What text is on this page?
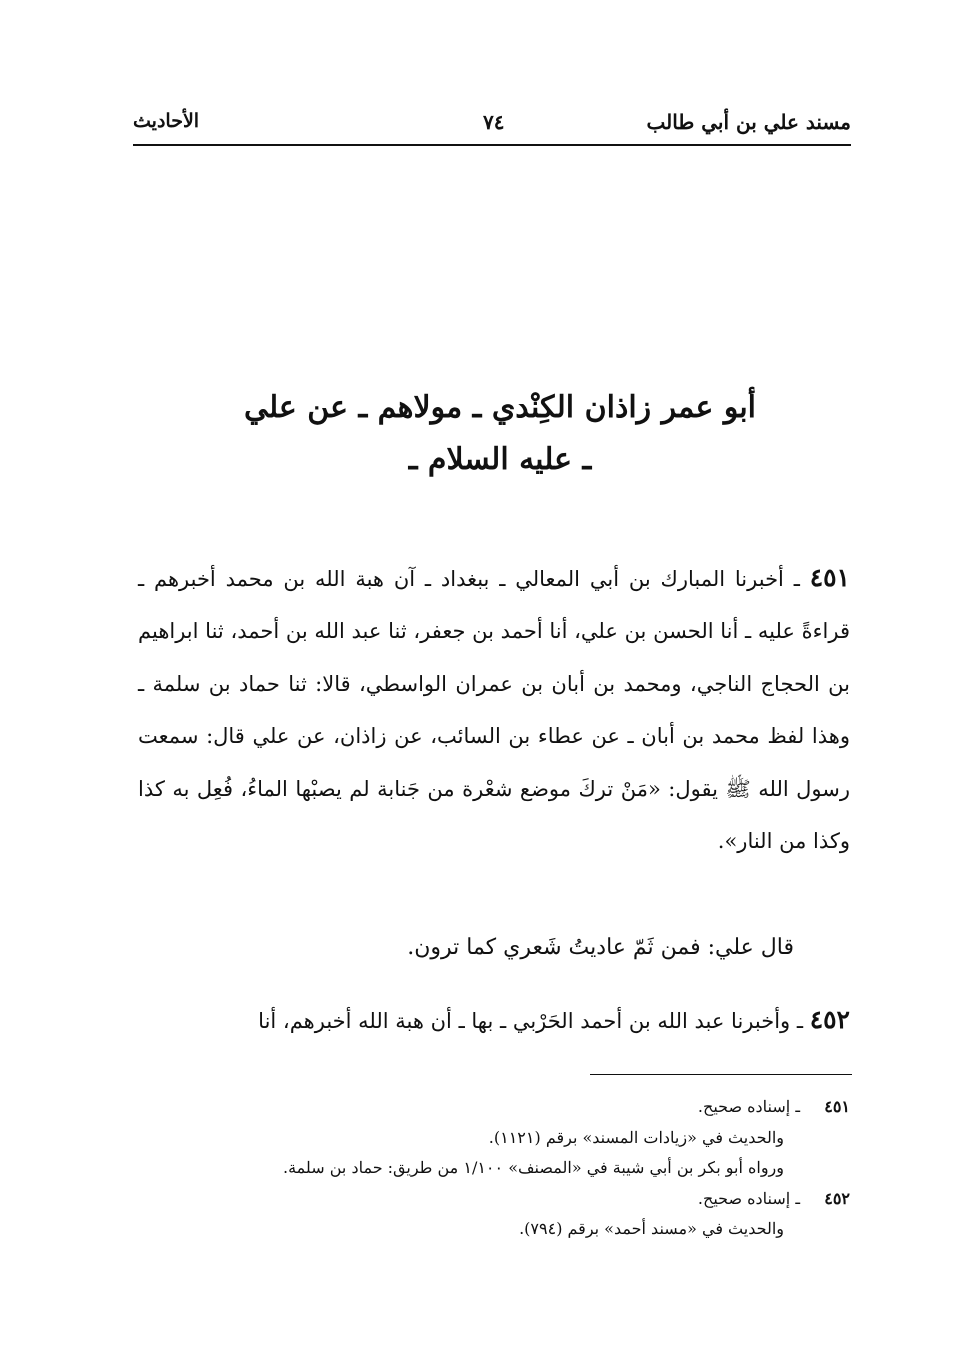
مسند علي بن أبي طالب
٧٤
الأحاديث
أبو عمر زاذان الكِنْدي ـ مولاهم ـ عن علي
ـ عليه السلام ـ

٤٥١ ـ أخبرنا المبارك بن أبي المعالي ـ ببغداد ـ آن هبة الله بن محمد أخبرهم ـ قراءةً عليه ـ أنا الحسن بن علي، أنا أحمد بن جعفر، ثنا عبد الله بن أحمد، ثنا ابراهيم بن الحجاج الناجي، ومحمد بن أبان بن عمران الواسطي، قالا: ثنا حماد بن سلمة ـ وهذا لفظ محمد بن أبان ـ عن عطاء بن السائب، عن زاذان، عن علي قال: سمعت رسول الله ﷺ يقول: «مَنْ تركَ موضع شعْرة من جَنابة لم يصبْها الماءُ، فُعِل به كذا وكذا من النار».

قال علي: فمن ثَمّ عاديتُ شَعري كما ترون.
٤٥٢ ـ وأخبرنا عبد الله بن أحمد الحَرْبي ـ بها ـ أن هبة الله أخبرهم، أنا
٤٥١ـ إسناده صحيح.
والحديث في «زيادات المسند» برقم (١١٢١).
ورواه أبو بكر بن أبي شيبة في «المصنف» ١/١٠٠ من طريق: حماد بن سلمة.
٤٥٢ـ إسناده صحيح.
والحديث في «مسند أحمد» برقم (٧٩٤).
